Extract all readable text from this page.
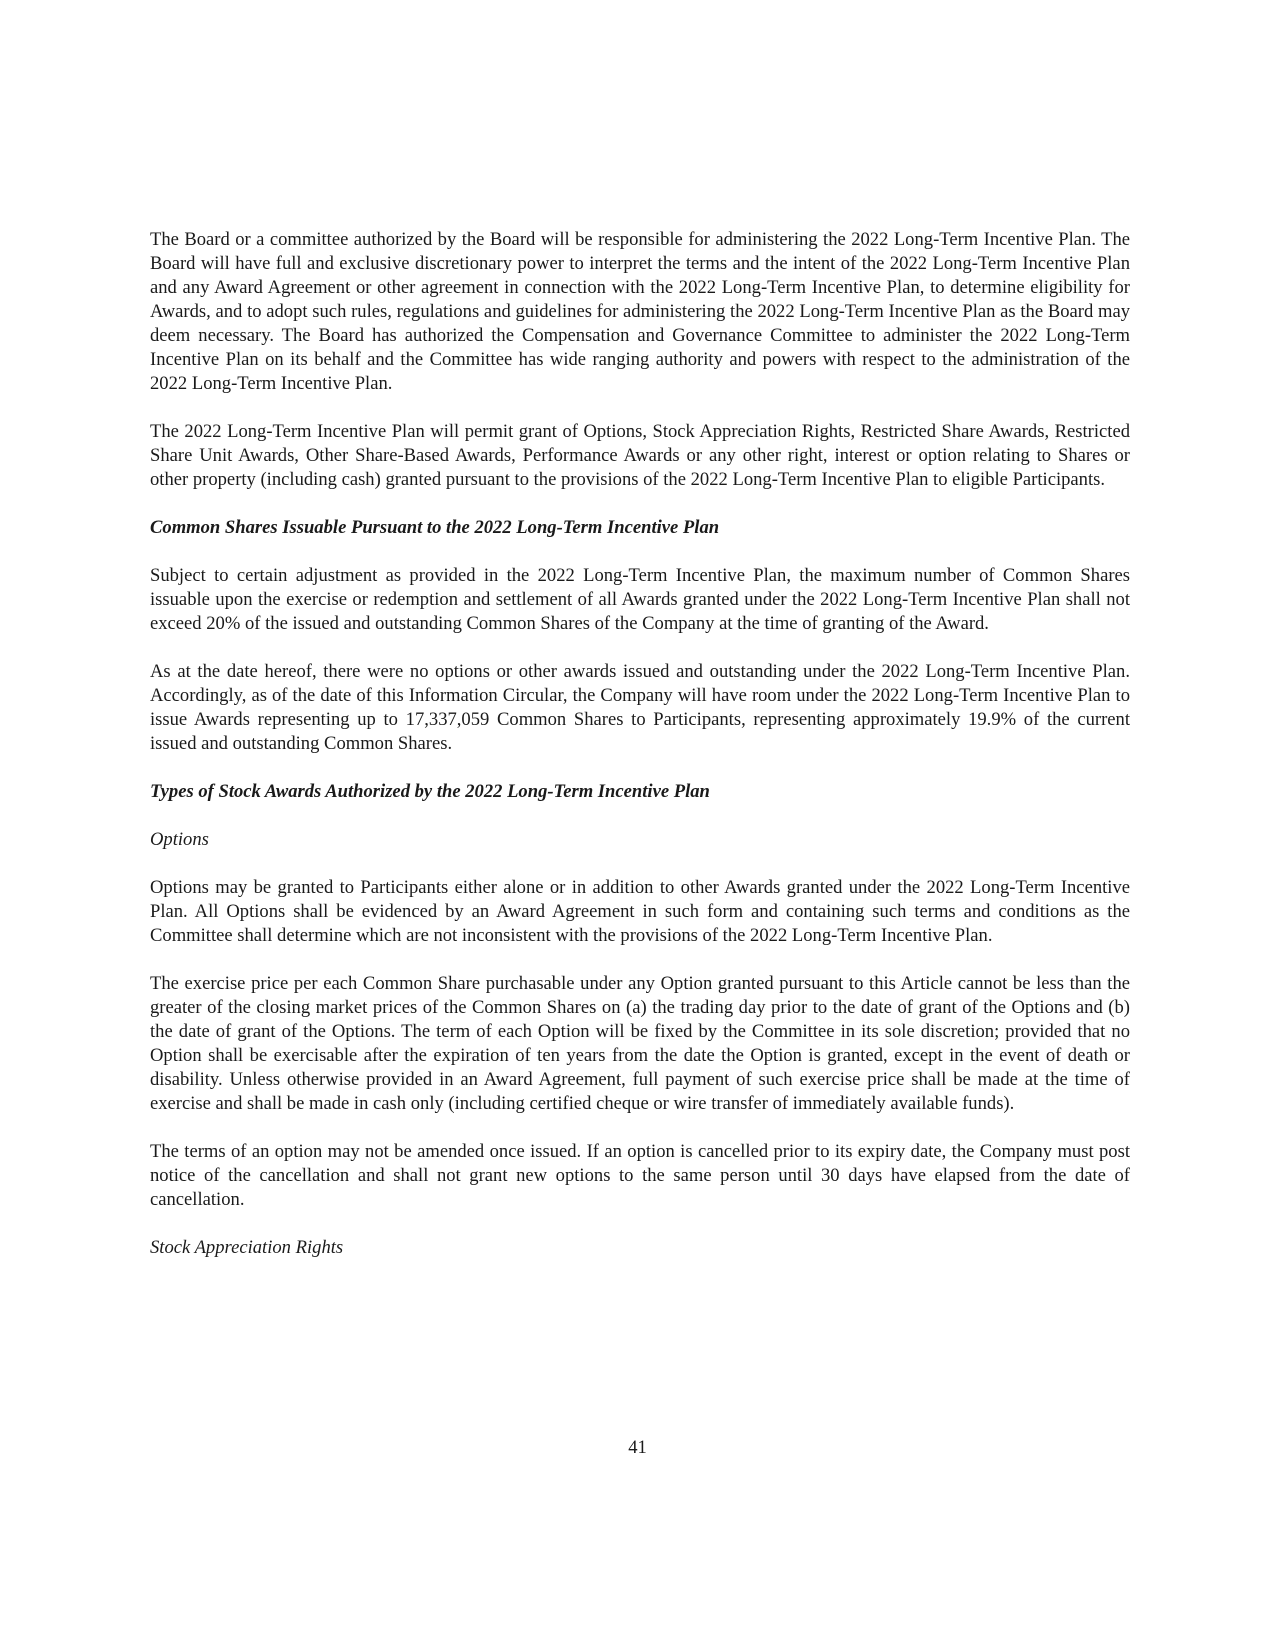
The Board or a committee authorized by the Board will be responsible for administering the 2022 Long-Term Incentive Plan. The Board will have full and exclusive discretionary power to interpret the terms and the intent of the 2022 Long-Term Incentive Plan and any Award Agreement or other agreement in connection with the 2022 Long-Term Incentive Plan, to determine eligibility for Awards, and to adopt such rules, regulations and guidelines for administering the 2022 Long-Term Incentive Plan as the Board may deem necessary. The Board has authorized the Compensation and Governance Committee to administer the 2022 Long-Term Incentive Plan on its behalf and the Committee has wide ranging authority and powers with respect to the administration of the 2022 Long-Term Incentive Plan.

The 2022 Long-Term Incentive Plan will permit grant of Options, Stock Appreciation Rights, Restricted Share Awards, Restricted Share Unit Awards, Other Share-Based Awards, Performance Awards or any other right, interest or option relating to Shares or other property (including cash) granted pursuant to the provisions of the 2022 Long-Term Incentive Plan to eligible Participants.

Common Shares Issuable Pursuant to the 2022 Long-Term Incentive Plan

Subject to certain adjustment as provided in the 2022 Long-Term Incentive Plan, the maximum number of Common Shares issuable upon the exercise or redemption and settlement of all Awards granted under the 2022 Long-Term Incentive Plan shall not exceed 20% of the issued and outstanding Common Shares of the Company at the time of granting of the Award.

As at the date hereof, there were no options or other awards issued and outstanding under the 2022 Long-Term Incentive Plan. Accordingly, as of the date of this Information Circular, the Company will have room under the 2022 Long-Term Incentive Plan to issue Awards representing up to 17,337,059 Common Shares to Participants, representing approximately 19.9% of the current issued and outstanding Common Shares.

Types of Stock Awards Authorized by the 2022 Long-Term Incentive Plan

Options

Options may be granted to Participants either alone or in addition to other Awards granted under the 2022 Long-Term Incentive Plan. All Options shall be evidenced by an Award Agreement in such form and containing such terms and conditions as the Committee shall determine which are not inconsistent with the provisions of the 2022 Long-Term Incentive Plan.

The exercise price per each Common Share purchasable under any Option granted pursuant to this Article cannot be less than the greater of the closing market prices of the Common Shares on (a) the trading day prior to the date of grant of the Options and (b) the date of grant of the Options. The term of each Option will be fixed by the Committee in its sole discretion; provided that no Option shall be exercisable after the expiration of ten years from the date the Option is granted, except in the event of death or disability. Unless otherwise provided in an Award Agreement, full payment of such exercise price shall be made at the time of exercise and shall be made in cash only (including certified cheque or wire transfer of immediately available funds).

The terms of an option may not be amended once issued. If an option is cancelled prior to its expiry date, the Company must post notice of the cancellation and shall not grant new options to the same person until 30 days have elapsed from the date of cancellation.

Stock Appreciation Rights

41
